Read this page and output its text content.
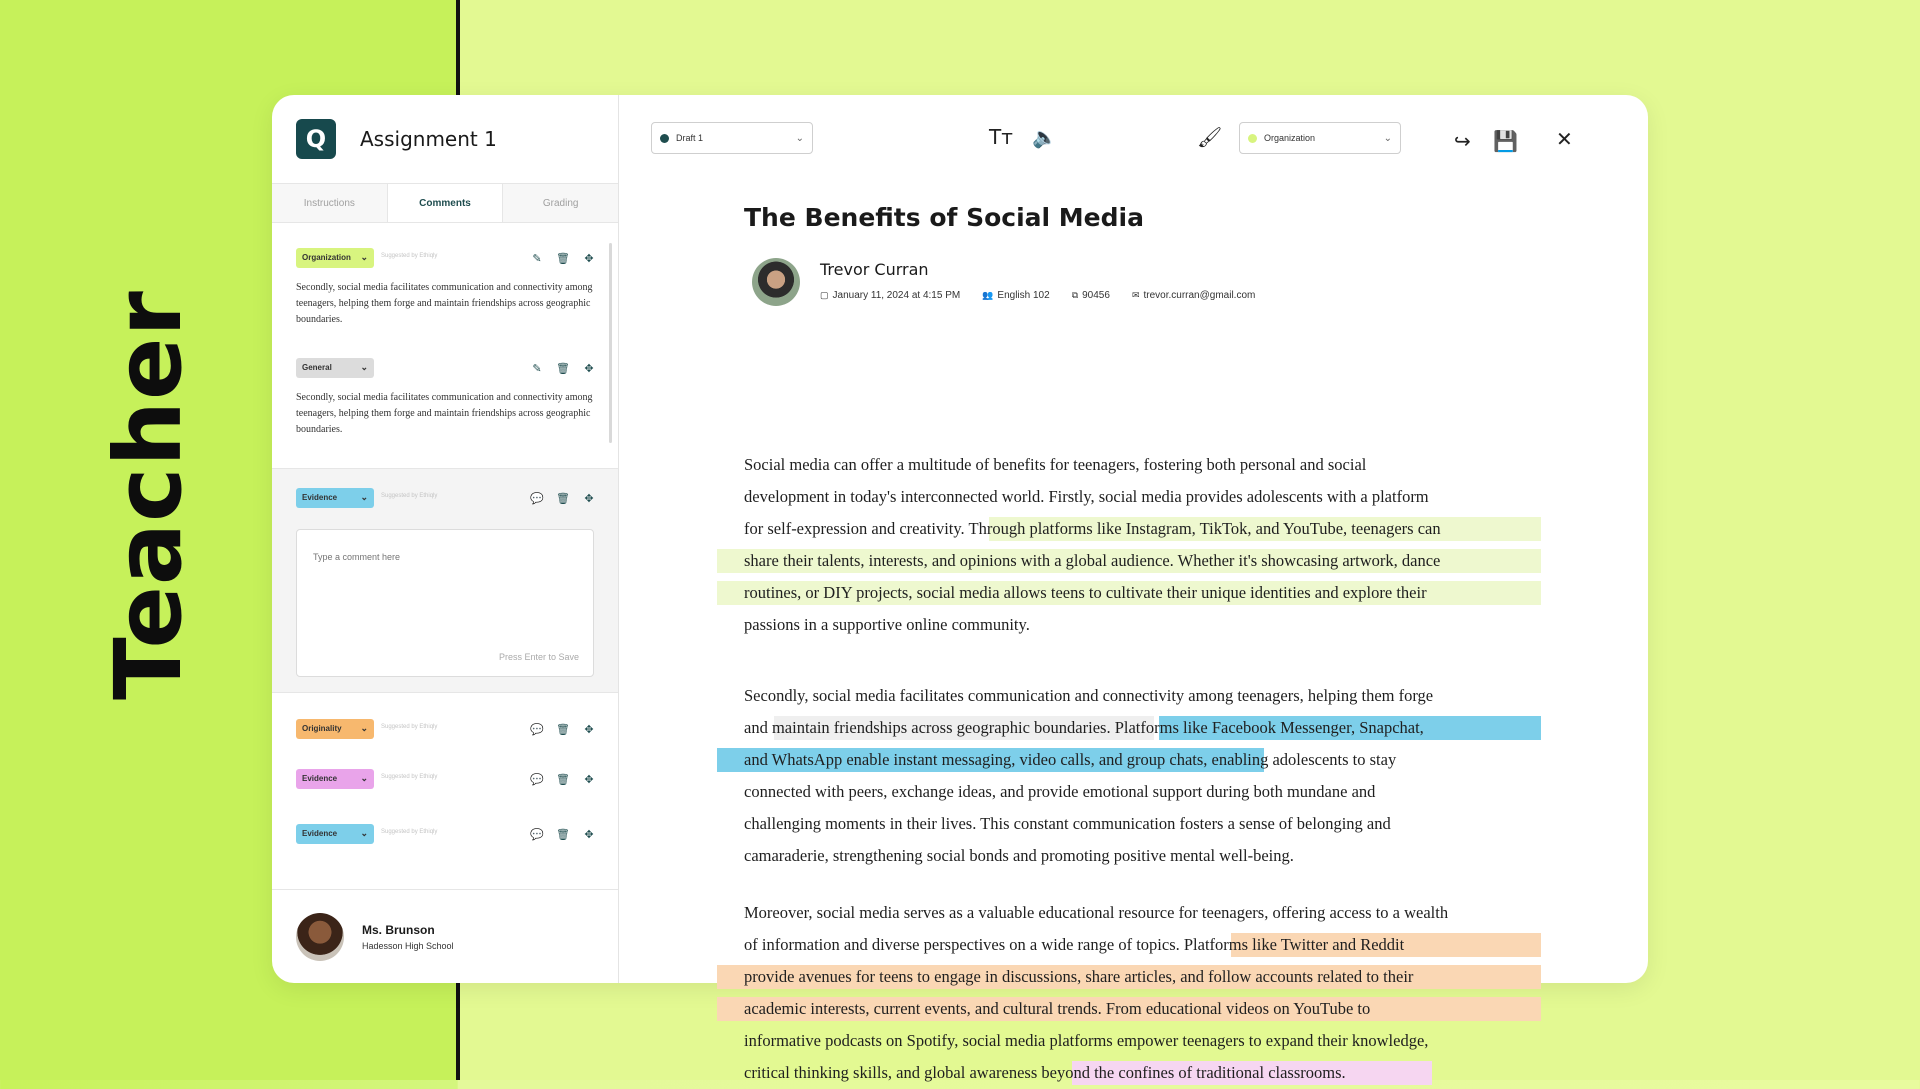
Teacher
Q	Assignment 1
Instructions	Comments	Grading
Organization ⌄ Suggested by Ethiqly	✎ 🗑 ✥
Secondly, social media facilitates communication and connectivity among teenagers, helping them forge and maintain friendships across geographic boundaries.
General	⌄	✎ 🗑 ✥
Secondly, social media facilitates communication and connectivity among teenagers, helping them forge and maintain friendships across geographic boundaries.
Evidence	⌄ Suggested by Ethiqly	💬 🗑 ✥
Type a comment here
Press Enter to Save
Originality ⌄ Suggested by Ethiqly	💬 🗑 ✥
Evidence	⌄ Suggested by Ethiqly	💬 🗑 ✥
Evidence	⌄ Suggested by Ethiqly	💬 🗑 ✥
Ms. Brunson
Hadesson High School
Draft 1	⌄	Tт 🔈	🖌	Organization	⌄	↪ 💾 ✕
The Benefits of Social Media
Trevor Curran
▢ January 11, 2024 at 4:15 PM 👥 English 102 ⧉ 90456 ✉ trevor.curran@gmail.com
Social media can offer a multitude of benefits for teenagers, fostering both personal and social
development in today's interconnected world. Firstly, social media provides adolescents with a platform
for self-expression and creativity. Through platforms like Instagram, TikTok, and YouTube, teenagers can
share their talents, interests, and opinions with a global audience. Whether it's showcasing artwork, dance
routines, or DIY projects, social media allows teens to cultivate their unique identities and explore their
passions in a supportive online community.
Secondly, social media facilitates communication and connectivity among teenagers, helping them forge
and maintain friendships across geographic boundaries. Platforms like Facebook Messenger, Snapchat,
and WhatsApp enable instant messaging, video calls, and group chats, enabling adolescents to stay
connected with peers, exchange ideas, and provide emotional support during both mundane and
challenging moments in their lives. This constant communication fosters a sense of belonging and
camaraderie, strengthening social bonds and promoting positive mental well-being.
Moreover, social media serves as a valuable educational resource for teenagers, offering access to a wealth
of information and diverse perspectives on a wide range of topics. Platforms like Twitter and Reddit
provide avenues for teens to engage in discussions, share articles, and follow accounts related to their
academic interests, current events, and cultural trends. From educational videos on YouTube to
informative podcasts on Spotify, social media platforms empower teenagers to expand their knowledge,
critical thinking skills, and global awareness beyond the confines of traditional classrooms.
